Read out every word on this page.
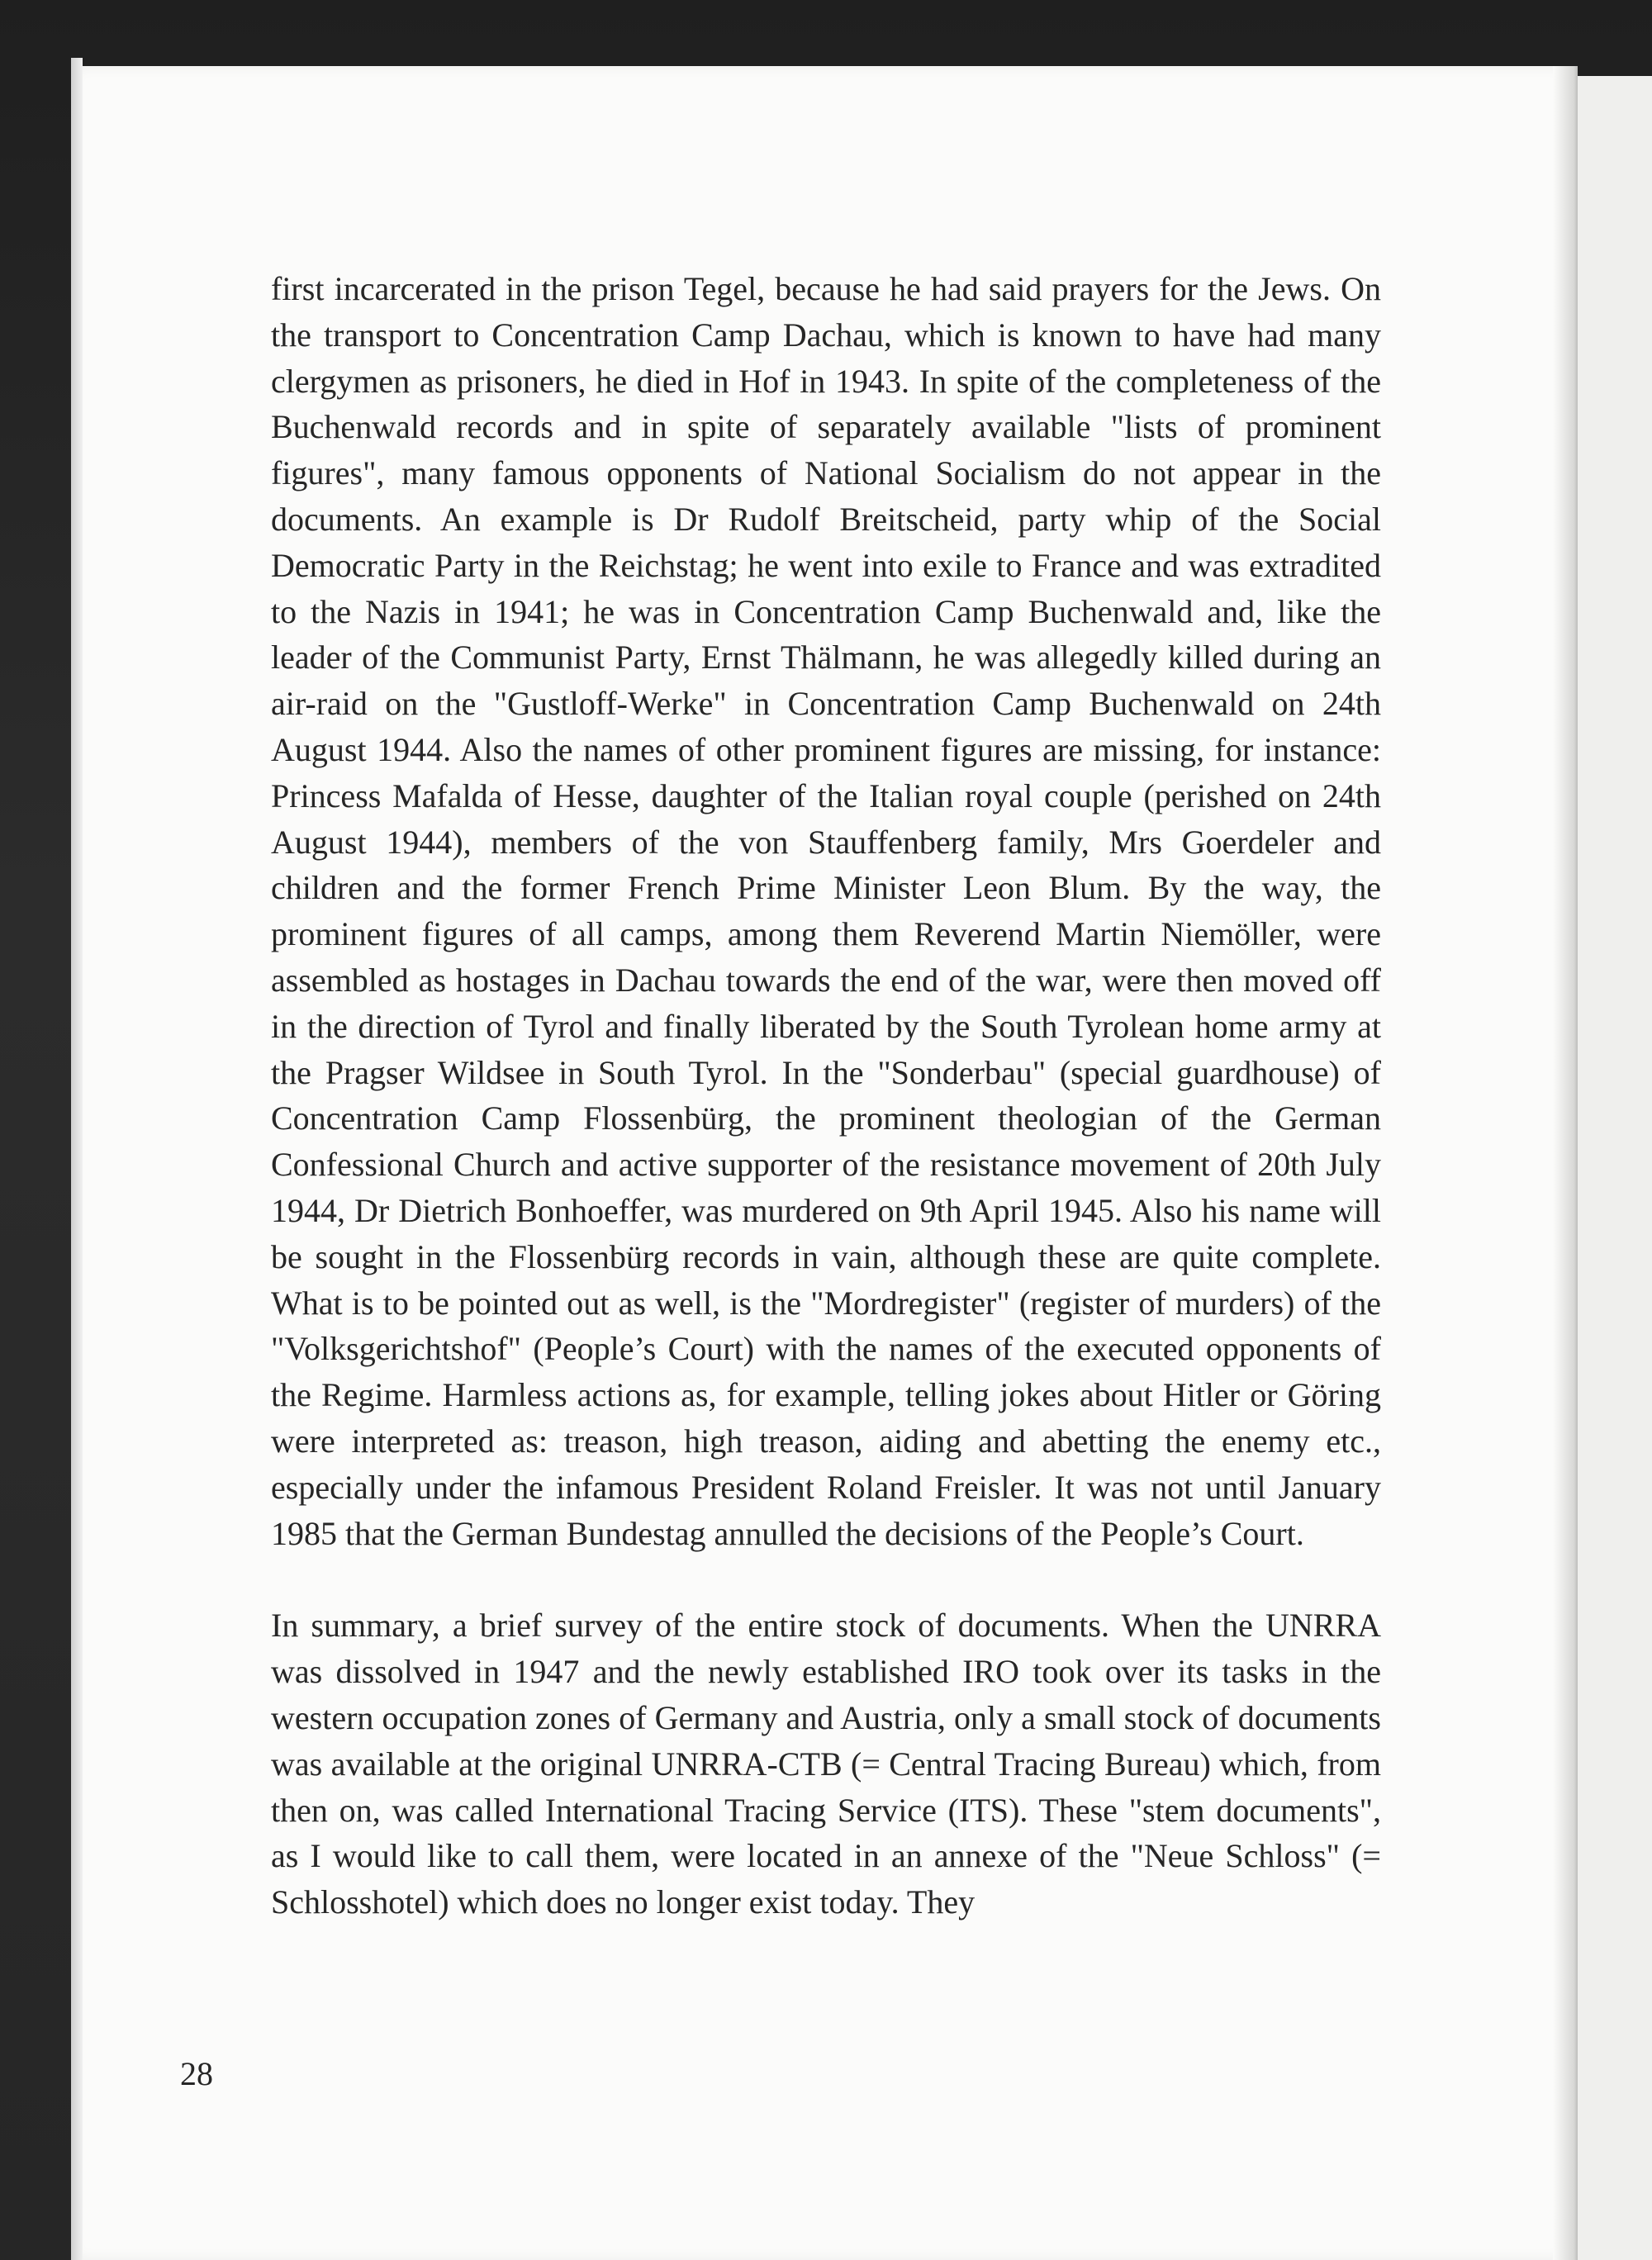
first incarcerated in the prison Tegel, because he had said prayers for the Jews. On the transport to Concentration Camp Dachau, which is known to have had many clergymen as prisoners, he died in Hof in 1943. In spite of the completeness of the Buchenwald records and in spite of separately available "lists of prominent figures", many famous opponents of National Socialism do not appear in the documents. An example is Dr Rudolf Breitscheid, party whip of the Social Democratic Party in the Reichstag; he went into exile to France and was extradited to the Nazis in 1941; he was in Concentration Camp Buchenwald and, like the leader of the Communist Party, Ernst Thälmann, he was allegedly killed during an air-raid on the "Gustloff-Werke" in Concentration Camp Buchenwald on 24th August 1944. Also the names of other prominent figures are missing, for instance: Princess Mafalda of Hesse, daughter of the Italian royal couple (perished on 24th August 1944), members of the von Stauffenberg family, Mrs Goerdeler and children and the former French Prime Minister Leon Blum. By the way, the prominent figures of all camps, among them Reverend Martin Niemöller, were assembled as hostages in Dachau towards the end of the war, were then moved off in the direction of Tyrol and finally liberated by the South Tyrolean home army at the Pragser Wildsee in South Tyrol. In the "Sonderbau" (special guardhouse) of Concentration Camp Flossenbürg, the prominent theologian of the German Confessional Church and active supporter of the resistance movement of 20th July 1944, Dr Dietrich Bonhoeffer, was murdered on 9th April 1945. Also his name will be sought in the Flossenbürg records in vain, although these are quite complete. What is to be pointed out as well, is the "Mordregister" (register of murders) of the "Volksgerichtshof" (People’s Court) with the names of the executed opponents of the Regime. Harmless actions as, for example, telling jokes about Hitler or Göring were interpreted as: treason, high treason, aiding and abetting the enemy etc., especially under the infamous President Roland Freisler. It was not until January 1985 that the German Bundestag annulled the decisions of the People’s Court.

In summary, a brief survey of the entire stock of documents. When the UNRRA was dissolved in 1947 and the newly established IRO took over its tasks in the western occupation zones of Germany and Austria, only a small stock of documents was available at the original UNRRA-CTB (= Central Tracing Bureau) which, from then on, was called International Tracing Service (ITS). These "stem documents", as I would like to call them, were located in an annexe of the "Neue Schloss" (= Schlosshotel) which does no longer exist today. They

28
